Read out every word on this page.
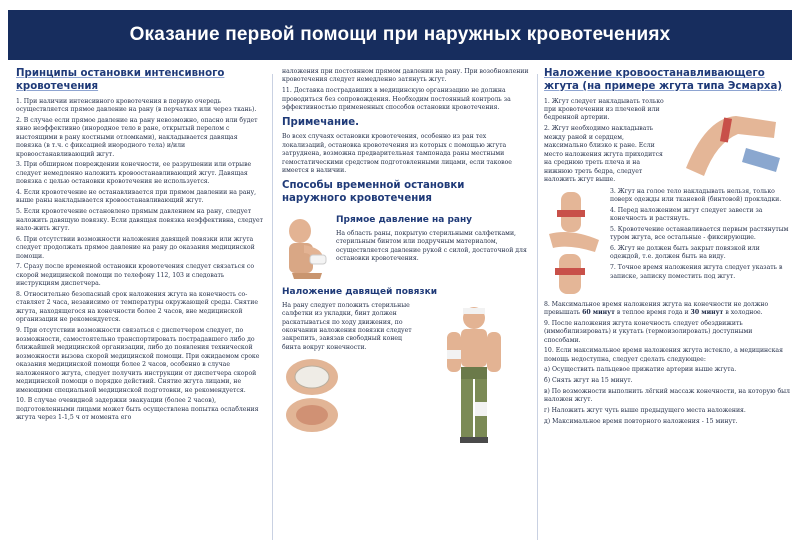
Оказание первой помощи при наружных кровотечениях
Принципы остановки интенсивного кровотечения

1. При наличии интенсивного кровотечения в первую очередь осуществляется прямое давление на рану (в перчатках или через ткань).

2. В случае если прямое давление на рану невозможно, опасно или будет явно неэффективно (инородное тело в ране, открытый перелом с выстоящими в рану костными отломками), накладывается давящая повязка (в т.ч. с фиксацией инородного тела) и/или кровоостанавливающий жгут.

3. При обширном повреждении конечности, ее разрушении или отрыве следует немедленно наложить кровоостанавливающий жгут. Давящая повязка с целью остановки кровотечения не используется.

4. Если кровотечение не останавливается при прямом давлении на рану, выше раны накладывается кровоостанавливающий жгут.

5. Если кровотечение остановлено прямым давлением на рану, следует наложить давящую повязку. Если давящая повязка неэффективна, следует нало-жить жгут.

6. При отсутствии возможности наложения давящей повязки или жгута следует продолжать прямое давление на рану до оказания медицинской помощи.

7. Сразу после временной остановки кровотечения следует связаться со скорой медицинской помощи по телефону 112, 103 и следовать инструкциям диспетчера.

8. Относительно безопасный срок наложения жгута на конечность со-ставляет 2 часа, независимо от температуры окружающей среды. Снятие жгута, находящегося на конечности более 2 часов, вне медицинской организации не рекомендуется.

9. При отсутствии возможности связаться с диспетчером следует, по возможности, самостоятельно транспортировать пострадавшего либо до ближайшей медицинской организации, либо до появления технической возможности вызова скорой медицинской помощи. При ожидаемом сроке оказания медицинской помощи более 2 часов, особенно в случае наложенного жгута, следует получить инструкции от диспетчера скорой медицинской помощи о порядке действий. Снятие жгута лицами, не имеющими специальной медицинской подготовки, не рекомендуется.

10. В случае очевидной задержки эвакуации (более 2 часов), подготовленными лицами может быть осуществлена попытка ослабления жгута через 1-1,5 ч от момента его

наложения при постоянном прямом давлении на рану. При возобновлении кровотечения следует немедленно затянуть жгут.

11. Доставка пострадавших в медицинскую организацию не должна проводиться без сопровождения. Необходим постоянный контроль за эффективностью примененных способов остановки кровотечения.

Примечание.

Во всех случаях остановки кровотечения, особенно из ран тех локализаций, остановка кровотечения из которых с помощью жгута затруднена, возможна предварительная тампонада раны местными гемостатическими средством подготовленными лицами, если таковое имеется в наличии.

Способы временной остановки наружного кровотечения
Прямое давление на рану

На область раны, покрытую стерильными салфетками, стерильным бинтом или подручным материалом, осуществляется давление рукой с силой, достаточной для остановки кровотечения.

Наложение давящей повязки

На рану следует положить стерильные салфетки из укладки, бинт должен раскатываться по ходу движения, по окончании наложения повязки следует закрепить, завязав свободный конец бинта вокруг конечности.

Наложение кровоостанавливающего жгута (на примере жгута типа Эсмарха)

1. Жгут следует накладывать только при кровотечении из плечевой или бедренной артерии.

2. Жгут необходимо накладывать между раной и сердцем, максимально близко к ране. Если место наложения жгута приходится на среднюю треть плеча и на нижнюю треть бедра, следует наложить жгут выше.

3. Жгут на голое тело накладывать нельзя, только поверх одежды или тканевой (бинтовой) прокладки.

4. Перед наложением жгут следует завести за конечность и растянуть.

5. Кровотечение останавливается первым растянутым туром жгута, все остальные - фиксирующие.

6. Жгут не должен быть закрыт повязкой или одеждой, т.е. должен быть на виду.

7. Точное время наложения жгута следует указать в записке, записку поместить под жгут.

8. Максимальное время наложения жгута на конечности не должно превышать 60 минут в теплое время года и 30 минут в холодное.

9. После наложения жгута конечность следует обездвижить (иммобилизировать) и укутать (термоизолировать) доступными способами.

10. Если максимальное время наложения жгута истекло, а медицинская помощь недоступна, следует сделать следующее:

а) Осуществить пальцевое прижатие артерии выше жгута.

б) Снять жгут на 15 минут.

в) По возможности выполнить лёгкий массаж конечности, на которую был наложен жгут.

г) Наложить жгут чуть выше предыдущего места наложения.

д) Максимальное время повторного наложения - 15 минут.
